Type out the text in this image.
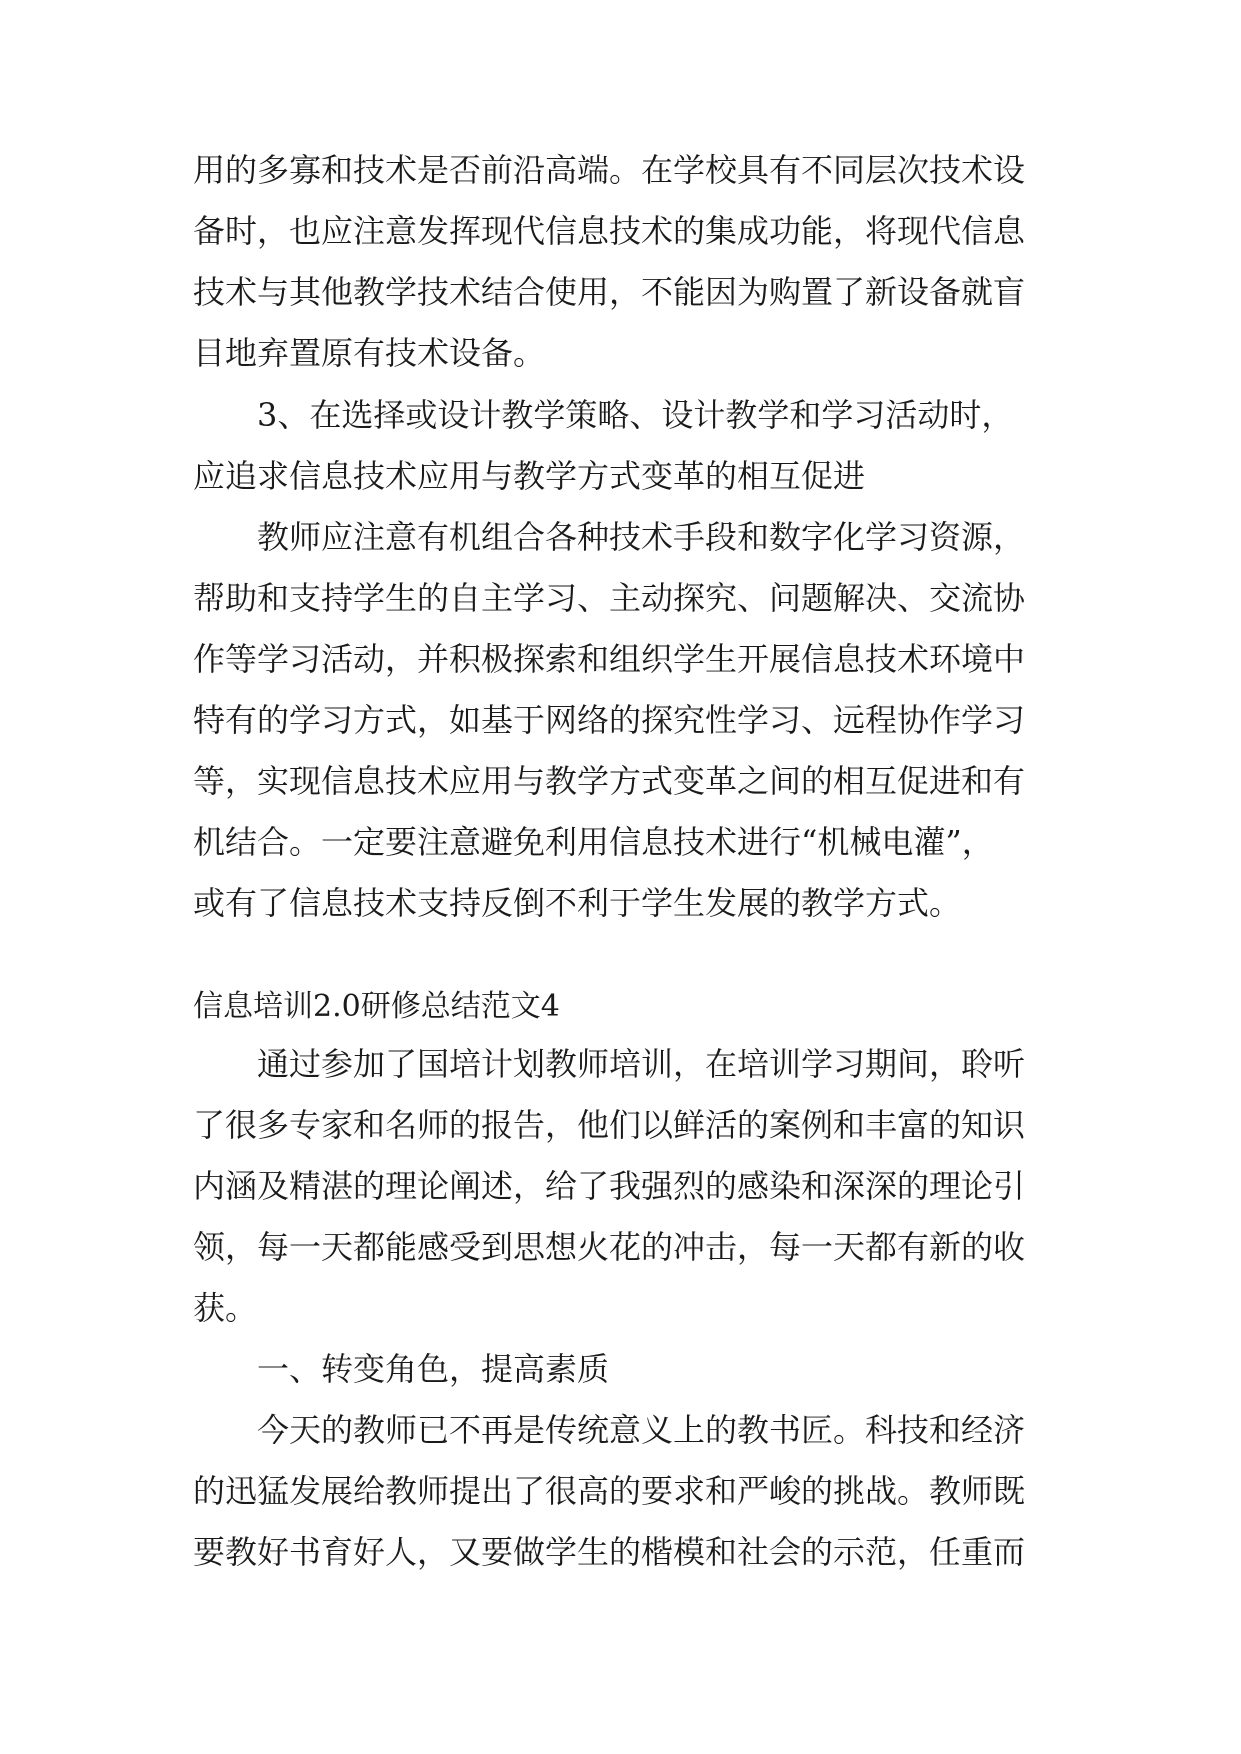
用的多寡和技术是否前沿高端。在学校具有不同层次技术设
备时，也应注意发挥现代信息技术的集成功能，将现代信息
技术与其他教学技术结合使用，不能因为购置了新设备就盲
目地弃置原有技术设备。
3、在选择或设计教学策略、设计教学和学习活动时，
应追求信息技术应用与教学方式变革的相互促进
教师应注意有机组合各种技术手段和数字化学习资源，
帮助和支持学生的自主学习、主动探究、问题解决、交流协
作等学习活动，并积极探索和组织学生开展信息技术环境中
特有的学习方式，如基于网络的探究性学习、远程协作学习
等，实现信息技术应用与教学方式变革之间的相互促进和有
机结合。一定要注意避免利用信息技术进行“机械电灌”，
或有了信息技术支持反倒不利于学生发展的教学方式。
信息培训2.0研修总结范文4
通过参加了国培计划教师培训，在培训学习期间，聆听
了很多专家和名师的报告，他们以鲜活的案例和丰富的知识
内涵及精湛的理论阐述，给了我强烈的感染和深深的理论引
领，每一天都能感受到思想火花的冲击，每一天都有新的收
获。
一、转变角色，提高素质
今天的教师已不再是传统意义上的教书匠。科技和经济
的迅猛发展给教师提出了很高的要求和严峻的挑战。教师既
要教好书育好人，又要做学生的楷模和社会的示范，任重而
